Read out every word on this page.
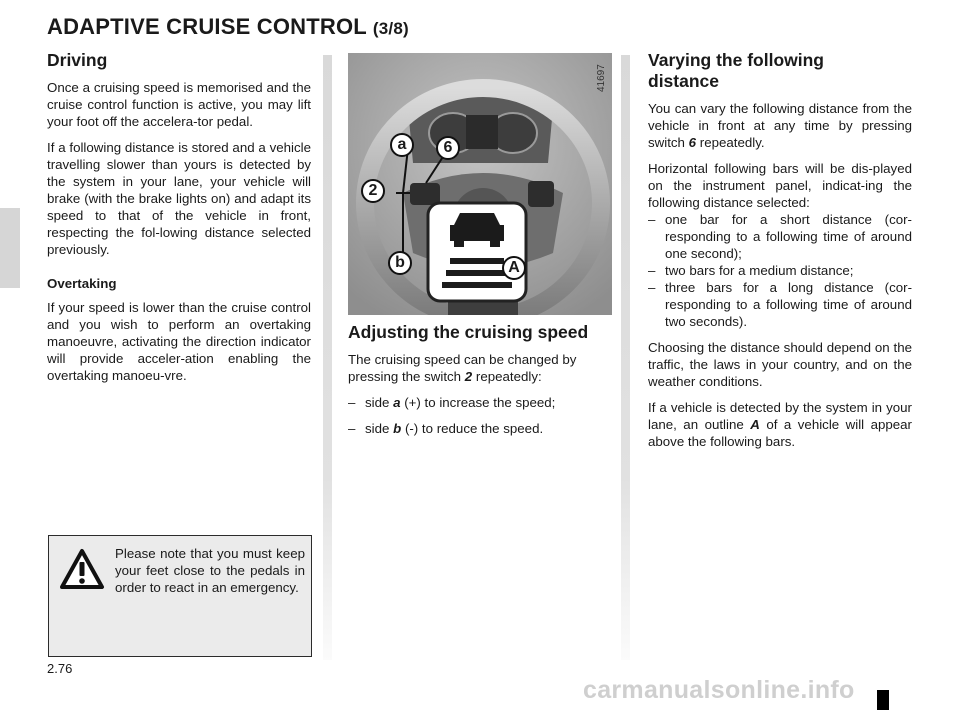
ADAPTIVE CRUISE CONTROL (3/8)
Driving

Once a cruising speed is memorised and the cruise control function is active, you may lift your foot off the accelera-tor pedal.

If a following distance is stored and a vehicle travelling slower than yours is detected by the system in your lane, your vehicle will brake (with the brake lights on) and adapt its speed to that of the vehicle in front, respecting the fol-lowing distance selected previously.

Overtaking

If your speed is lower than the cruise control and you wish to perform an overtaking manoeuvre, activating the direction indicator will provide acceler-ation enabling the overtaking manoeu-vre.

a	6
2
b	A
41697
Adjusting the cruising speed

The cruising speed can be changed by pressing the switch 2 repeatedly:

– side a (+) to increase the speed;
– side b (-) to reduce the speed.
Varying the following distance

You can vary the following distance from the vehicle in front at any time by pressing switch 6 repeatedly.

Horizontal following bars will be dis-played on the instrument panel, indicat-ing the following distance selected:

– one bar for a short distance (cor-responding to a following time of around one second);
– two bars for a medium distance;
– three bars for a long distance (cor-responding to a following time of around two seconds).

Choosing the distance should depend on the traffic, the laws in your country, and on the weather conditions.

If a vehicle is detected by the system in your lane, an outline A of a vehicle will appear above the following bars.

Please note that you must keep your feet close to the pedals in order to react in an emergency.
2.76
carmanualsonline.info
